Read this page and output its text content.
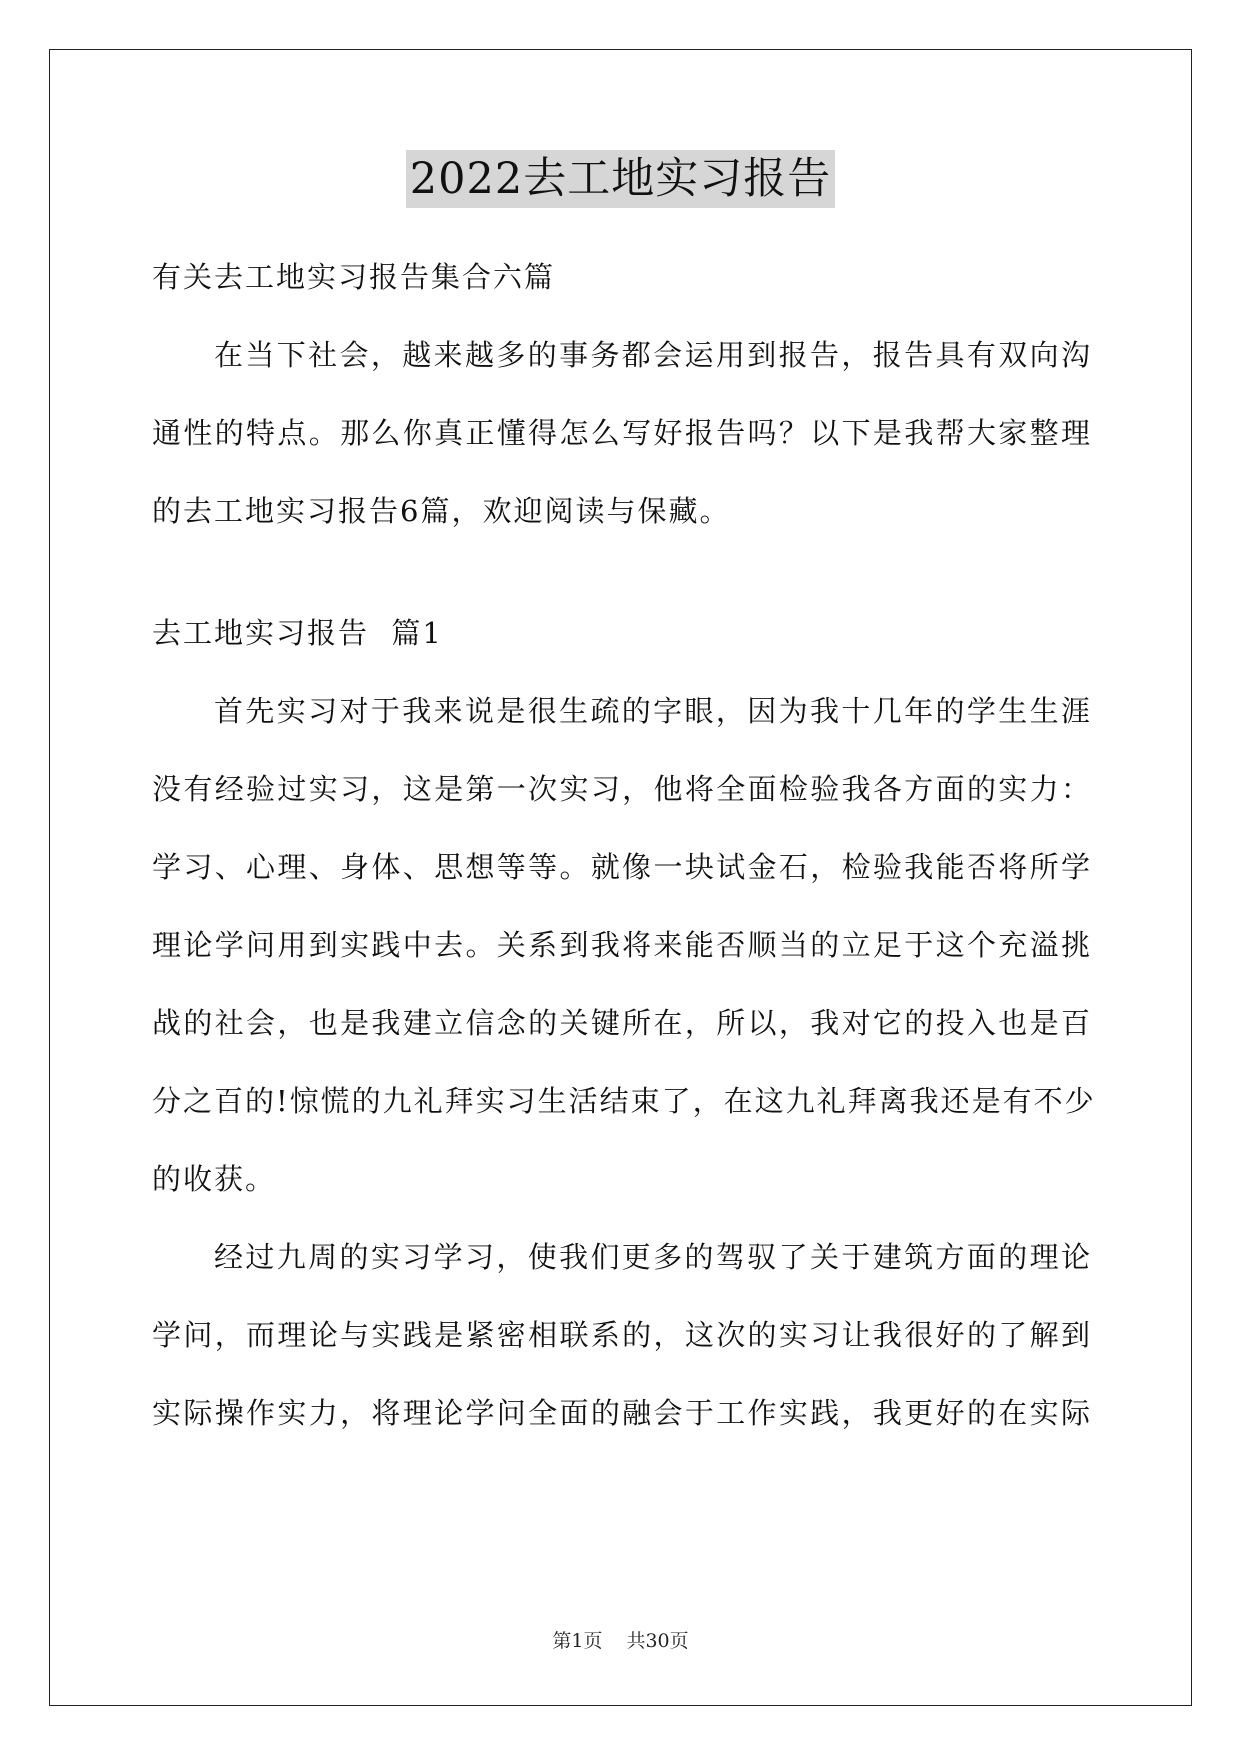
2022去工地实习报告
有关去工地实习报告集合六篇
在当下社会，越来越多的事务都会运用到报告，报告具有双向沟
通性的特点。那么你真正懂得怎么写好报告吗？以下是我帮大家整理
的去工地实习报告6篇，欢迎阅读与保藏。
去工地实习报告  篇1
首先实习对于我来说是很生疏的字眼，因为我十几年的学生生涯
没有经验过实习，这是第一次实习，他将全面检验我各方面的实力：
学习、心理、身体、思想等等。就像一块试金石，检验我能否将所学
理论学问用到实践中去。关系到我将来能否顺当的立足于这个充溢挑
战的社会，也是我建立信念的关键所在，所以，我对它的投入也是百
分之百的!惊慌的九礼拜实习生活结束了，在这九礼拜离我还是有不少
的收获。
经过九周的实习学习，使我们更多的驾驭了关于建筑方面的理论
学问，而理论与实践是紧密相联系的，这次的实习让我很好的了解到
实际操作实力，将理论学问全面的融会于工作实践，我更好的在实际
第1页 共30页
